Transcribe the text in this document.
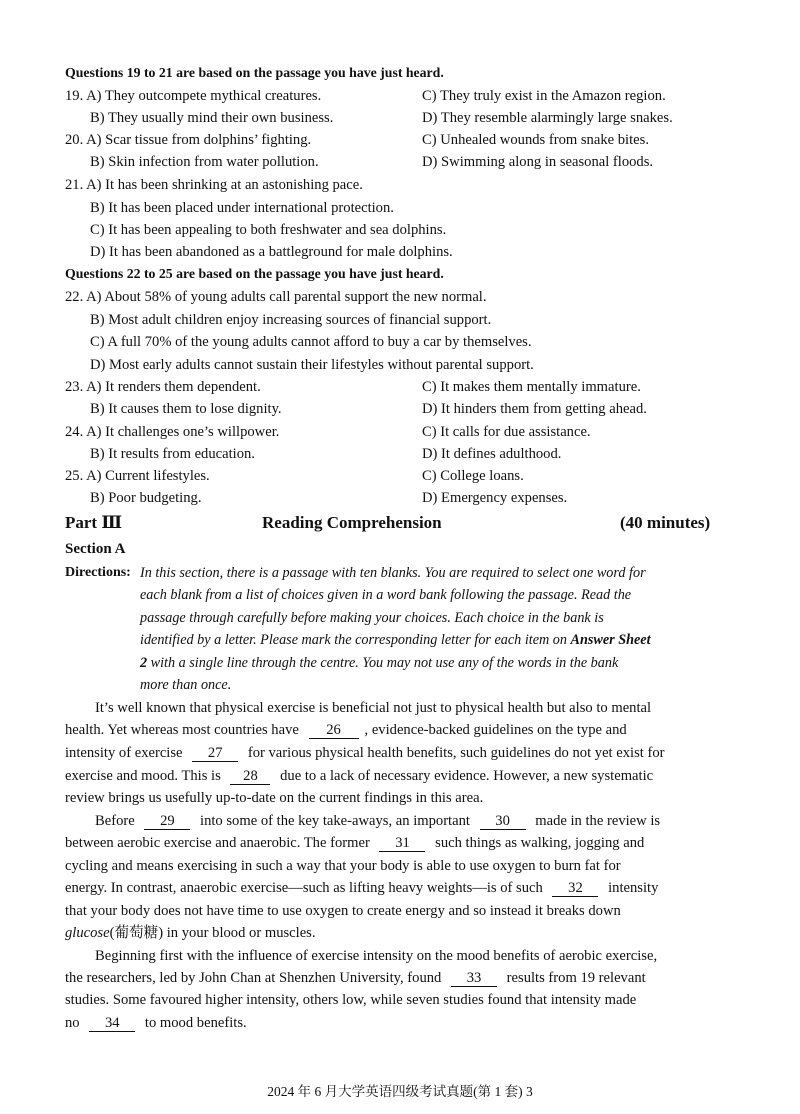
Questions 19 to 21 are based on the passage you have just heard.
19. A) They outcompete mythical creatures.	C) They truly exist in the Amazon region.
B) They usually mind their own business.	D) They resemble alarmingly large snakes.
20. A) Scar tissue from dolphins’ fighting.	C) Unhealed wounds from snake bites.
B) Skin infection from water pollution.	D) Swimming along in seasonal floods.
21. A) It has been shrinking at an astonishing pace.
B) It has been placed under international protection.
C) It has been appealing to both freshwater and sea dolphins.
D) It has been abandoned as a battleground for male dolphins.
Questions 22 to 25 are based on the passage you have just heard.
22. A) About 58% of young adults call parental support the new normal.
B) Most adult children enjoy increasing sources of financial support.
C) A full 70% of the young adults cannot afford to buy a car by themselves.
D) Most early adults cannot sustain their lifestyles without parental support.
23. A) It renders them dependent.	C) It makes them mentally immature.
B) It causes them to lose dignity.	D) It hinders them from getting ahead.
24. A) It challenges one’s willpower.	C) It calls for due assistance.
B) It results from education.	D) It defines adulthood.
25. A) Current lifestyles.	C) College loans.
B) Poor budgeting.	D) Emergency expenses.
Part Ⅲ	Reading Comprehension	(40 minutes)
Section A
Directions: In this section, there is a passage with ten blanks. You are required to select one word for
each blank from a list of choices given in a word bank following the passage. Read the
passage through carefully before making your choices. Each choice in the bank is
identified by a letter. Please mark the corresponding letter for each item on Answer Sheet
2 with a single line through the centre. You may not use any of the words in the bank
more than once.
It’s well known that physical exercise is beneficial not just to physical health but also to mental
health. Yet whereas most countries have 26 , evidence-backed guidelines on the type and
intensity of exercise 27 for various physical health benefits, such guidelines do not yet exist for
exercise and mood. This is 28 due to a lack of necessary evidence. However, a new systematic
review brings us usefully up-to-date on the current findings in this area.
Before 29 into some of the key take-aways, an important 30 made in the review is
between aerobic exercise and anaerobic. The former 31 such things as walking, jogging and
cycling and means exercising in such a way that your body is able to use oxygen to burn fat for
energy. In contrast, anaerobic exercise—such as lifting heavy weights—is of such 32 intensity
that your body does not have time to use oxygen to create energy and so instead it breaks down
glucose(葡萄糖) in your blood or muscles.
Beginning first with the influence of exercise intensity on the mood benefits of aerobic exercise,
the researchers, led by John Chan at Shenzhen University, found 33 results from 19 relevant
studies. Some favoured higher intensity, others low, while seven studies found that intensity made
no 34 to mood benefits.
2024 年 6 月大学英语四级考试真题(第 1 套) 3
